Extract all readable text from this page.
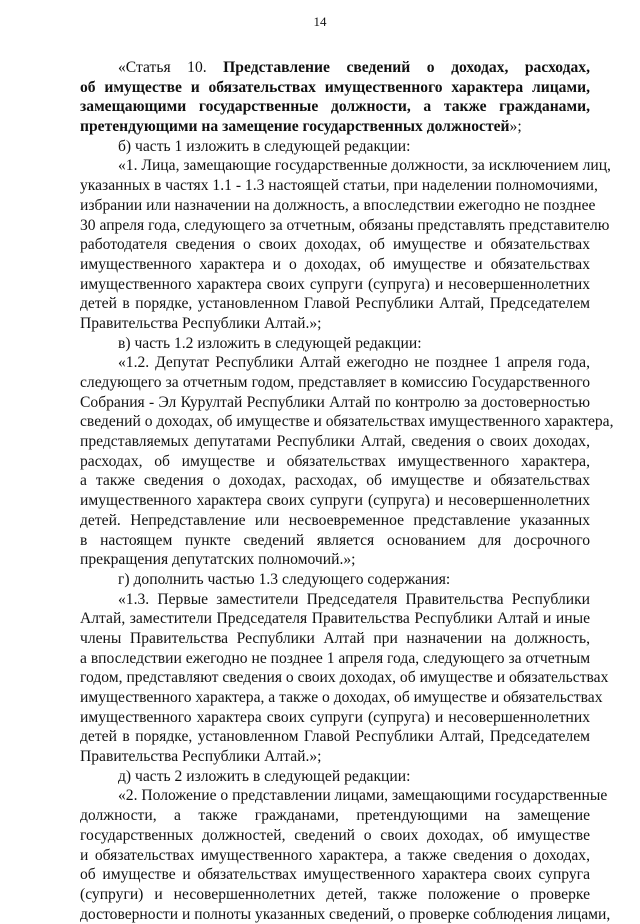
14
«Статья 10. Представление сведений о доходах, расходах,
об имуществе и обязательствах имущественного характера лицами,
замещающими государственные должности, а также гражданами,
претендующими на замещение государственных должностей»;
б) часть 1 изложить в следующей редакции:
«1. Лица, замещающие государственные должности, за исключением лиц,
указанных в частях 1.1 - 1.3 настоящей статьи, при наделении полномочиями,
избрании или назначении на должность, а впоследствии ежегодно не позднее
30 апреля года, следующего за отчетным, обязаны представлять представителю
работодателя сведения о своих доходах, об имуществе и обязательствах
имущественного характера и о доходах, об имуществе и обязательствах
имущественного характера своих супруги (супруга) и несовершеннолетних
детей в порядке, установленном Главой Республики Алтай, Председателем
Правительства Республики Алтай.»;
в) часть 1.2 изложить в следующей редакции:
«1.2. Депутат Республики Алтай ежегодно не позднее 1 апреля года,
следующего за отчетным годом, представляет в комиссию Государственного
Собрания - Эл Курултай Республики Алтай по контролю за достоверностью
сведений о доходах, об имуществе и обязательствах имущественного характера,
представляемых депутатами Республики Алтай, сведения о своих доходах,
расходах, об имуществе и обязательствах имущественного характера,
а также сведения о доходах, расходах, об имуществе и обязательствах
имущественного характера своих супруги (супруга) и несовершеннолетних
детей. Непредставление или несвоевременное представление указанных
в настоящем пункте сведений является основанием для досрочного
прекращения депутатских полномочий.»;
г) дополнить частью 1.3 следующего содержания:
«1.3. Первые заместители Председателя Правительства Республики
Алтай, заместители Председателя Правительства Республики Алтай и иные
члены Правительства Республики Алтай при назначении на должность,
а впоследствии ежегодно не позднее 1 апреля года, следующего за отчетным
годом, представляют сведения о своих доходах, об имуществе и обязательствах
имущественного характера, а также о доходах, об имуществе и обязательствах
имущественного характера своих супруги (супруга) и несовершеннолетних
детей в порядке, установленном Главой Республики Алтай, Председателем
Правительства Республики Алтай.»;
д) часть 2 изложить в следующей редакции:
«2. Положение о представлении лицами, замещающими государственные
должности, а также гражданами, претендующими на замещение
государственных должностей, сведений о своих доходах, об имуществе
и обязательствах имущественного характера, а также сведения о доходах,
об имуществе и обязательствах имущественного характера своих супруга
(супруги) и несовершеннолетних детей, также положение о проверке
достоверности и полноты указанных сведений, о проверке соблюдения лицами,
